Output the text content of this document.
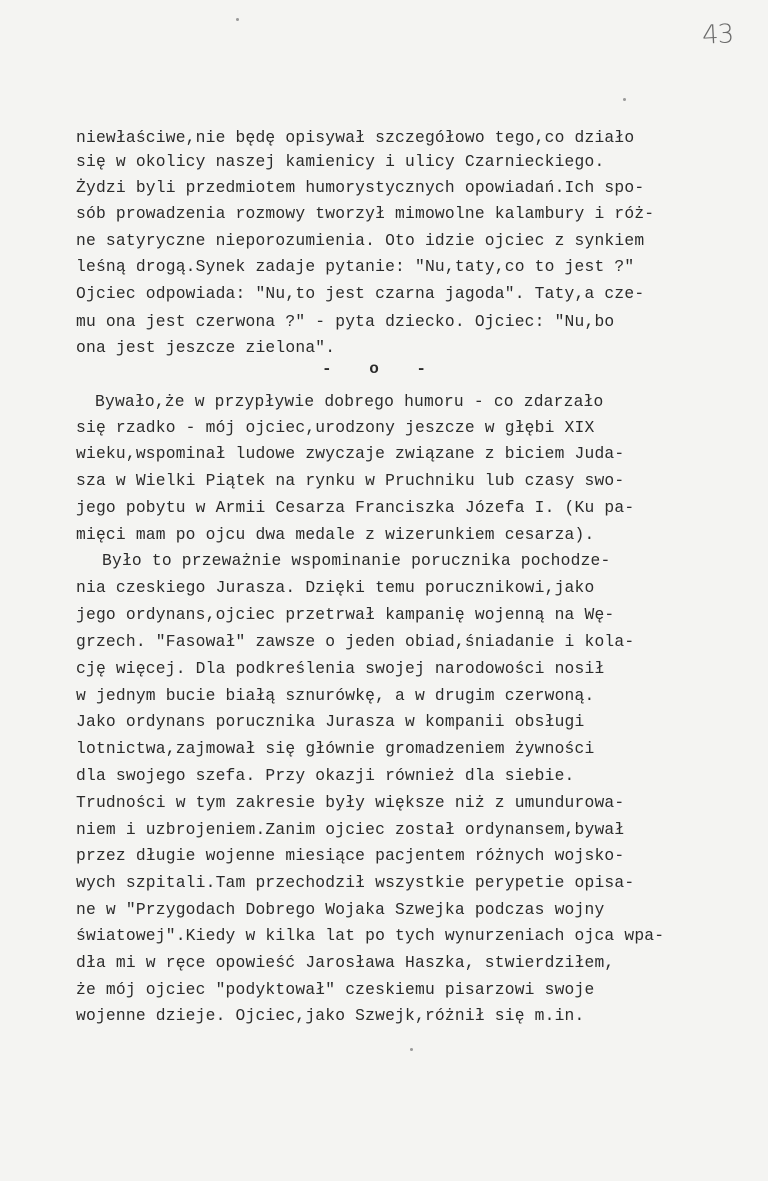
43
niewłaściwe,nie będę opisywał szczegółowo tego,co działo
się w okolicy naszej kamienicy i ulicy Czarnieckiego.
Żydzi byli przedmiotem humorystycznych opowiadań.Ich spo-
sób prowadzenia rozmowy tworzył mimowolne kalambury i róż-
ne satyryczne nieporozumienia. Oto idzie ojciec z synkiem
leśną drogą.Synek zadaje pytanie: "Nu,taty,co to jest ?"
Ojciec odpowiada: "Nu,to jest czarna jagoda". Taty,a cze-
mu ona jest czerwona ?" - pyta dziecko. Ojciec: "Nu,bo
ona jest jeszcze zielona".
- o -
Bywało,że w przypływie dobrego humoru - co zdarzało
się rzadko - mój ojciec,urodzony jeszcze w głębi XIX
wieku,wspominał ludowe zwyczaje związane z biciem Juda-
sza w Wielki Piątek na rynku w Pruchniku lub czasy swo-
jego pobytu w Armii Cesarza Franciszka Józefa I. (Ku pa-
mięci mam po ojcu dwa medale z wizerunkiem cesarza).
Było to przeważnie wspominanie porucznika pochodze-
nia czeskiego Jurasza. Dzięki temu porucznikowi,jako
jego ordynans,ojciec przetrwał kampanię wojenną na Wę-
grzech. "Fasował" zawsze o jeden obiad,śniadanie i kola-
cję więcej. Dla podkreślenia swojej narodowości nosił
w jednym bucie białą sznurówkę, a w drugim czerwoną.
Jako ordynans porucznika Jurasza w kompanii obsługi
lotnictwa,zajmował się głównie gromadzeniem żywności
dla swojego szefa. Przy okazji również dla siebie.
Trudności w tym zakresie były większe niż z umundurowa-
niem i uzbrojeniem.Zanim ojciec został ordynansem,bywał
przez długie wojenne miesiące pacjentem różnych wojsko-
wych szpitali.Tam przechodził wszystkie perypetie opisa-
ne w "Przygodach Dobrego Wojaka Szwejka podczas wojny
światowej".Kiedy w kilka lat po tych wynurzeniach ojca wpa-
dła mi w ręce opowieść Jarosława Haszka, stwierdziłem,
że mój ojciec "podyktował" czeskiemu pisarzowi swoje
wojenne dzieje. Ojciec,jako Szwejk,różnił się m.in.
